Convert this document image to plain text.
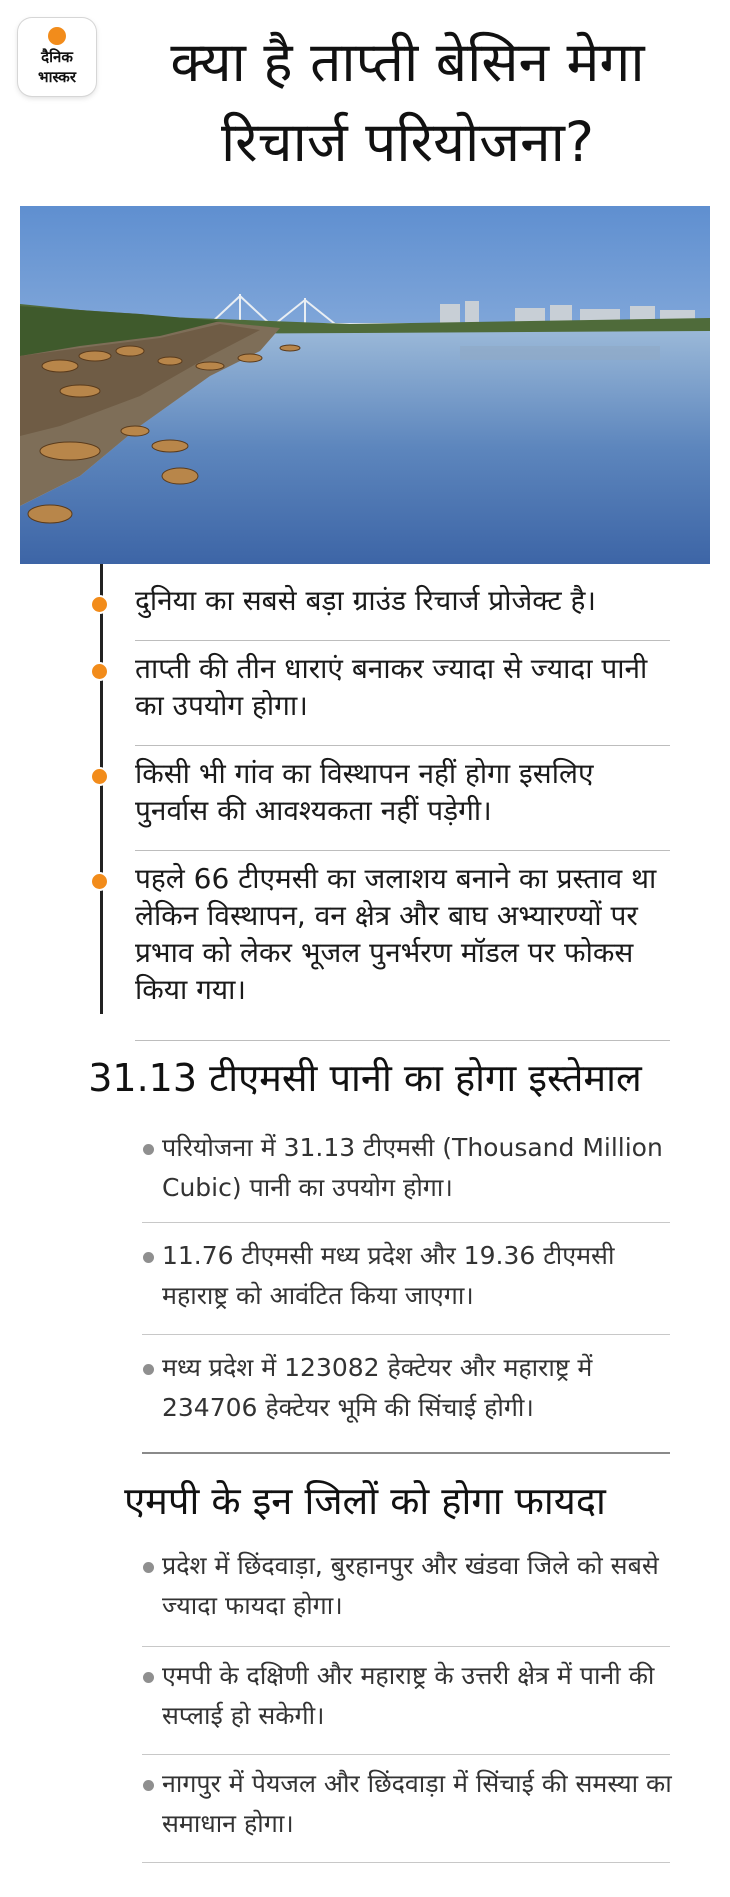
दैनिक
भास्कर	क्या है ताप्ती बेसिन मेगा रिचार्ज परियोजना?
दुनिया का सबसे बड़ा ग्राउंड रिचार्ज प्रोजेक्ट है।
ताप्ती की तीन धाराएं बनाकर ज्यादा से ज्यादा पानी का उपयोग होगा।
किसी भी गांव का विस्थापन नहीं होगा इसलिए पुनर्वास की आवश्यकता नहीं पड़ेगी।
पहले 66 टीएमसी का जलाशय बनाने का प्रस्ताव था लेकिन विस्थापन, वन क्षेत्र और बाघ अभ्यारण्यों पर प्रभाव को लेकर भूजल पुनर्भरण मॉडल पर फोकस किया गया।
31.13 टीएमसी पानी का होगा इस्तेमाल
परियोजना में 31.13 टीएमसी (Thousand Million Cubic) पानी का उपयोग होगा।
11.76 टीएमसी मध्य प्रदेश और 19.36 टीएमसी महाराष्ट्र को आवंटित किया जाएगा।
मध्य प्रदेश में 123082 हेक्टेयर और महाराष्ट्र में 234706 हेक्टेयर भूमि की सिंचाई होगी।
एमपी के इन जिलों को होगा फायदा
प्रदेश में छिंदवाड़ा, बुरहानपुर और खंडवा जिले को सबसे ज्यादा फायदा होगा।
एमपी के दक्षिणी और महाराष्ट्र के उत्तरी क्षेत्र में पानी की सप्लाई हो सकेगी।
नागपुर में पेयजल और छिंदवाड़ा में सिंचाई की समस्या का समाधान होगा।
